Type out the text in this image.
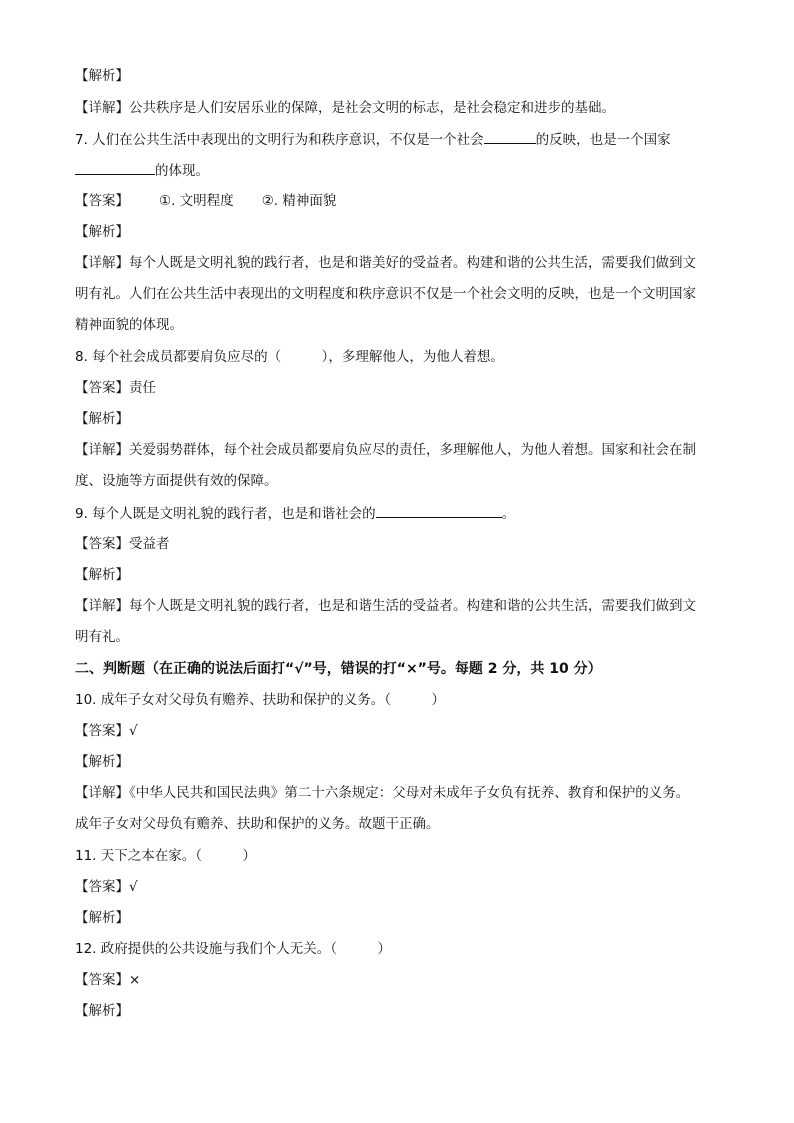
【解析】
【详解】公共秩序是人们安居乐业的保障，是社会文明的标志，是社会稳定和进步的基础。
7. 人们在公共生活中表现出的文明行为和秩序意识，不仅是一个社会	的反映，也是一个国家
的体现。
【答案】 ①. 文明程度 ②. 精神面貌
【解析】
【详解】每个人既是文明礼貌的践行者，也是和谐美好的受益者。构建和谐的公共生活，需要我们做到文
明有礼。人们在公共生活中表现出的文明程度和秩序意识不仅是一个社会文明的反映，也是一个文明国家
精神面貌的体现。
8. 每个社会成员都要肩负应尽的（　　　），多理解他人，为他人着想。
【答案】责任
【解析】
【详解】关爱弱势群体，每个社会成员都要肩负应尽的责任，多理解他人，为他人着想。国家和社会在制
度、设施等方面提供有效的保障。
9. 每个人既是文明礼貌的践行者，也是和谐社会的	。
【答案】受益者
【解析】
【详解】每个人既是文明礼貌的践行者，也是和谐生活的受益者。构建和谐的公共生活，需要我们做到文
明有礼。
二、判断题（在正确的说法后面打“√”号，错误的打“×”号。每题 2 分，共 10 分）
10. 成年子女对父母负有赡养、扶助和保护的义务。（　　　）
【答案】√
【解析】
【详解】《中华人民共和国民法典》第二十六条规定：父母对未成年子女负有抚养、教育和保护的义务。
成年子女对父母负有赡养、扶助和保护的义务。故题干正确。
11. 天下之本在家。（　　　）
【答案】√
【解析】
12. 政府提供的公共设施与我们个人无关。（　　　）
【答案】×
【解析】
